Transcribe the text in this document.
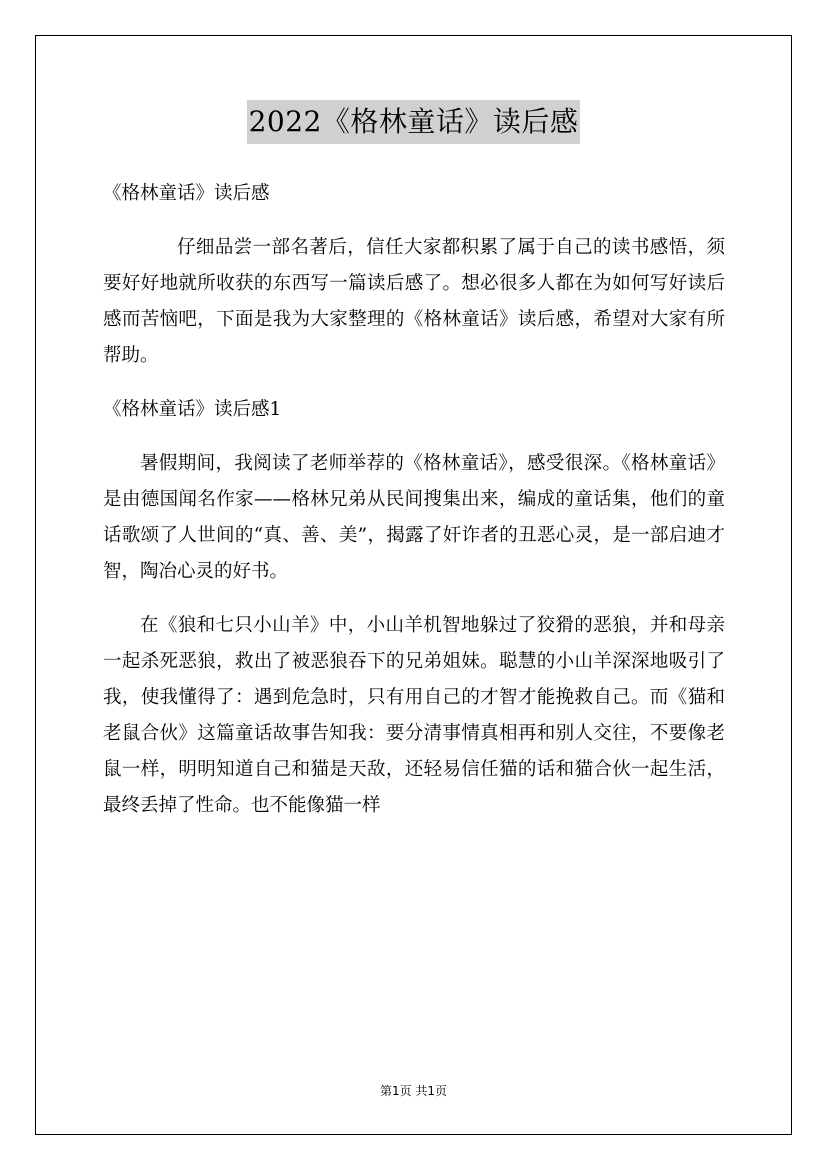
2022《格林童话》读后感

《格林童话》读后感

仔细品尝一部名著后，信任大家都积累了属于自己的读书感悟，须要好好地就所收获的东西写一篇读后感了。想必很多人都在为如何写好读后感而苦恼吧，下面是我为大家整理的《格林童话》读后感，希望对大家有所帮助。

《格林童话》读后感1

暑假期间，我阅读了老师举荐的《格林童话》，感受很深。《格林童话》是由德国闻名作家——格林兄弟从民间搜集出来，编成的童话集，他们的童话歌颂了人世间的“真、善、美”，揭露了奸诈者的丑恶心灵，是一部启迪才智，陶冶心灵的好书。

在《狼和七只小山羊》中，小山羊机智地躲过了狡猾的恶狼，并和母亲一起杀死恶狼，救出了被恶狼吞下的兄弟姐妹。聪慧的小山羊深深地吸引了我，使我懂得了：遇到危急时，只有用自己的才智才能挽救自己。而《猫和老鼠合伙》这篇童话故事告知我：要分清事情真相再和别人交往，不要像老鼠一样，明明知道自己和猫是天敌，还轻易信任猫的话和猫合伙一起生活，最终丢掉了性命。也不能像猫一样

第1页 共1页
